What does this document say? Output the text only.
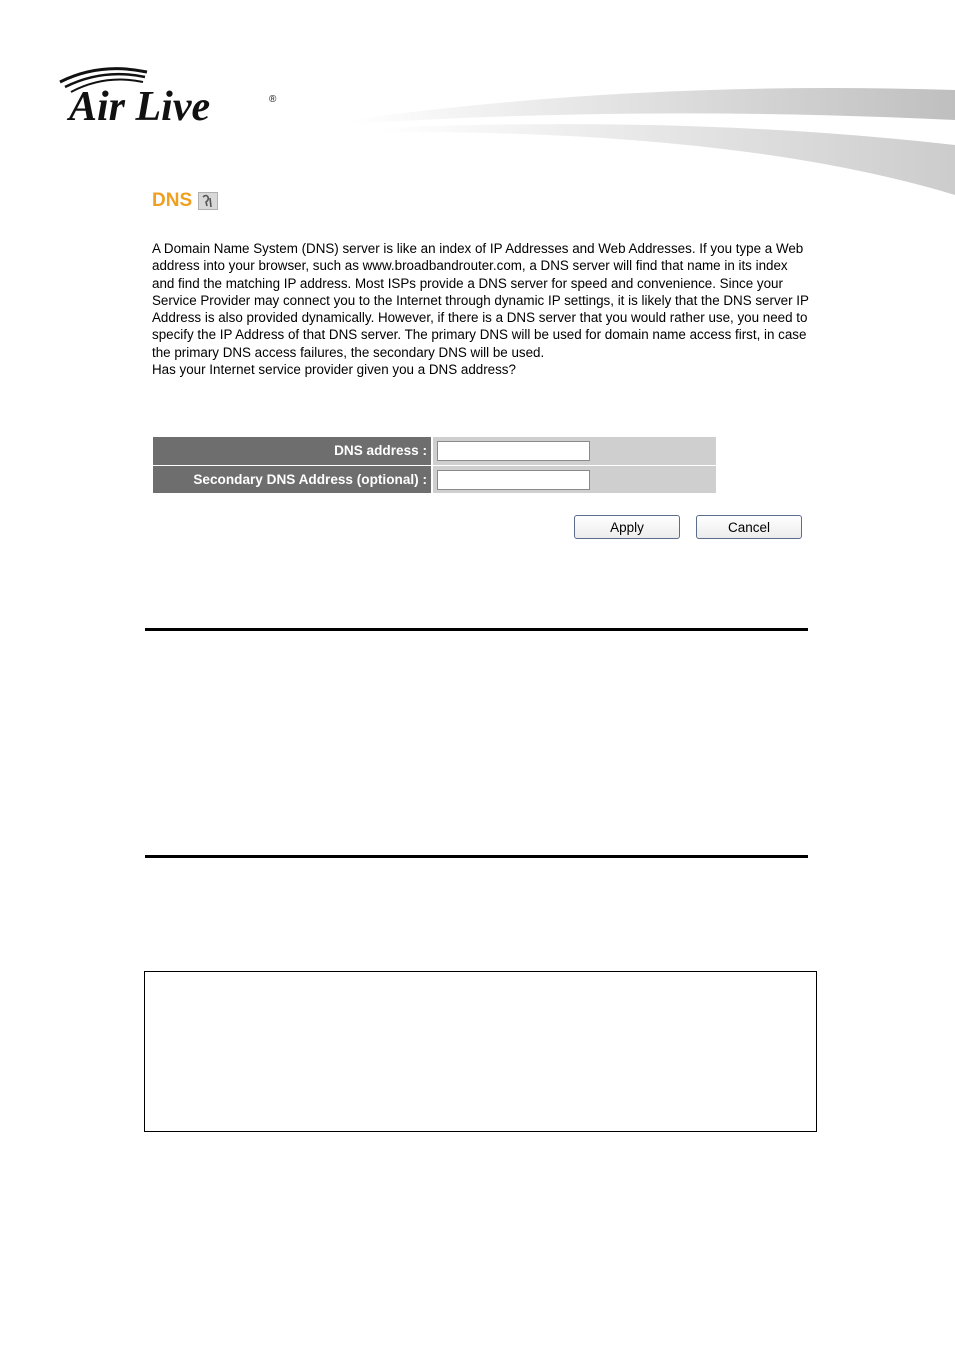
Air Live	®
DNS

A Domain Name System (DNS) server is like an index of IP Addresses and Web Addresses. If you type a Web address into your browser, such as www.broadbandrouter.com, a DNS server will find that name in its index and find the matching IP address. Most ISPs provide a DNS server for speed and convenience. Since your Service Provider may connect you to the Internet through dynamic IP settings, it is likely that the DNS server IP Address is also provided dynamically. However, if there is a DNS server that you would rather use, you need to specify the IP Address of that DNS server. The primary DNS will be used for domain name access first, in case the primary DNS access failures, the secondary DNS will be used.

Has your Internet service provider given you a DNS address?

DNS address :
Secondary DNS Address (optional) :
Apply	Cancel
